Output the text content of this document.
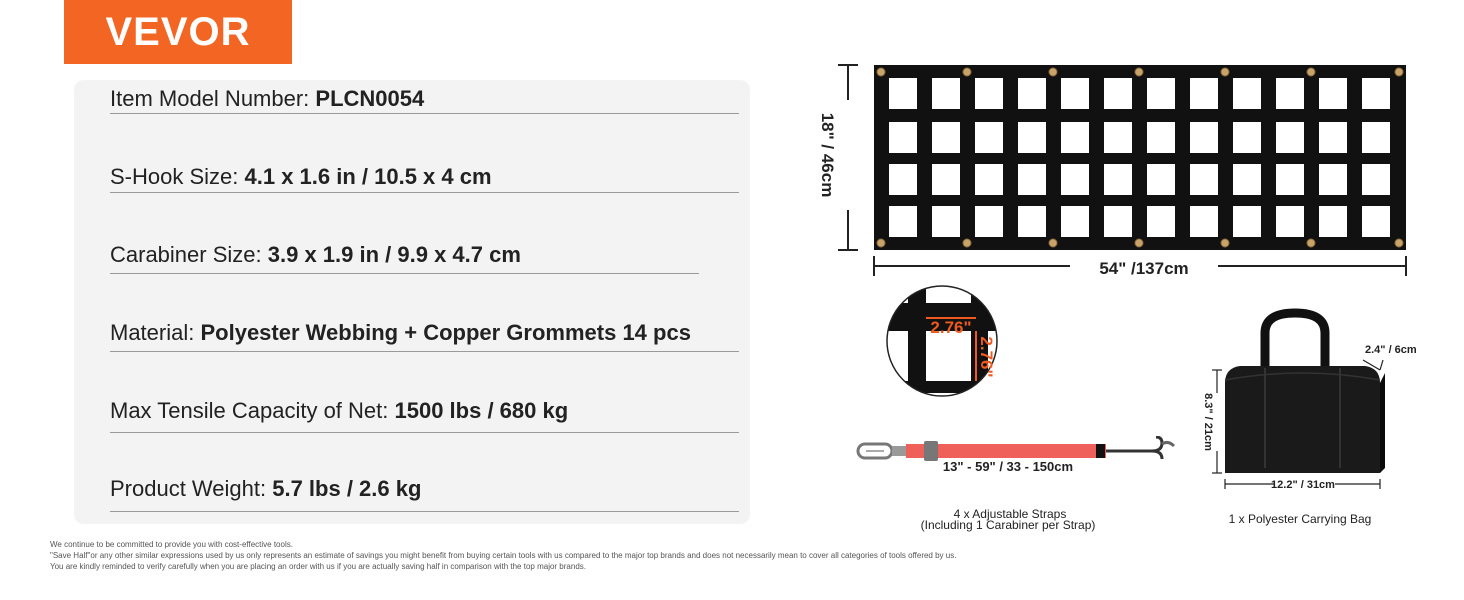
VEVOR
Item Model Number: PLCN0054
S-Hook Size: 4.1 x 1.6 in / 10.5 x 4 cm
Carabiner Size: 3.9 x 1.9 in / 9.9 x 4.7 cm
Material: Polyester Webbing + Copper Grommets 14 pcs
Max Tensile Capacity of Net: 1500 lbs / 680 kg
Product Weight: 5.7 lbs / 2.6 kg
18" / 46cm
54" /137cm
2.76"
2.76"
13" - 59" / 33 - 150cm
4 x Adjustable Straps
(Including 1 Carabiner per Strap)
8.3" / 21cm
12.2" / 31cm
2.4" / 6cm
1 x Polyester Carrying Bag
We continue to be committed to provide you with cost-effective tools.
"Save Half"or any other similar expressions used by us only represents an estimate of savings you might benefit from buying certain tools with us compared to the major top brands and does not necessarily mean to cover all categories of tools offered by us.
You are kindly reminded to verify carefully when you are placing an order with us if you are actually saving half in comparison with the top major brands.
